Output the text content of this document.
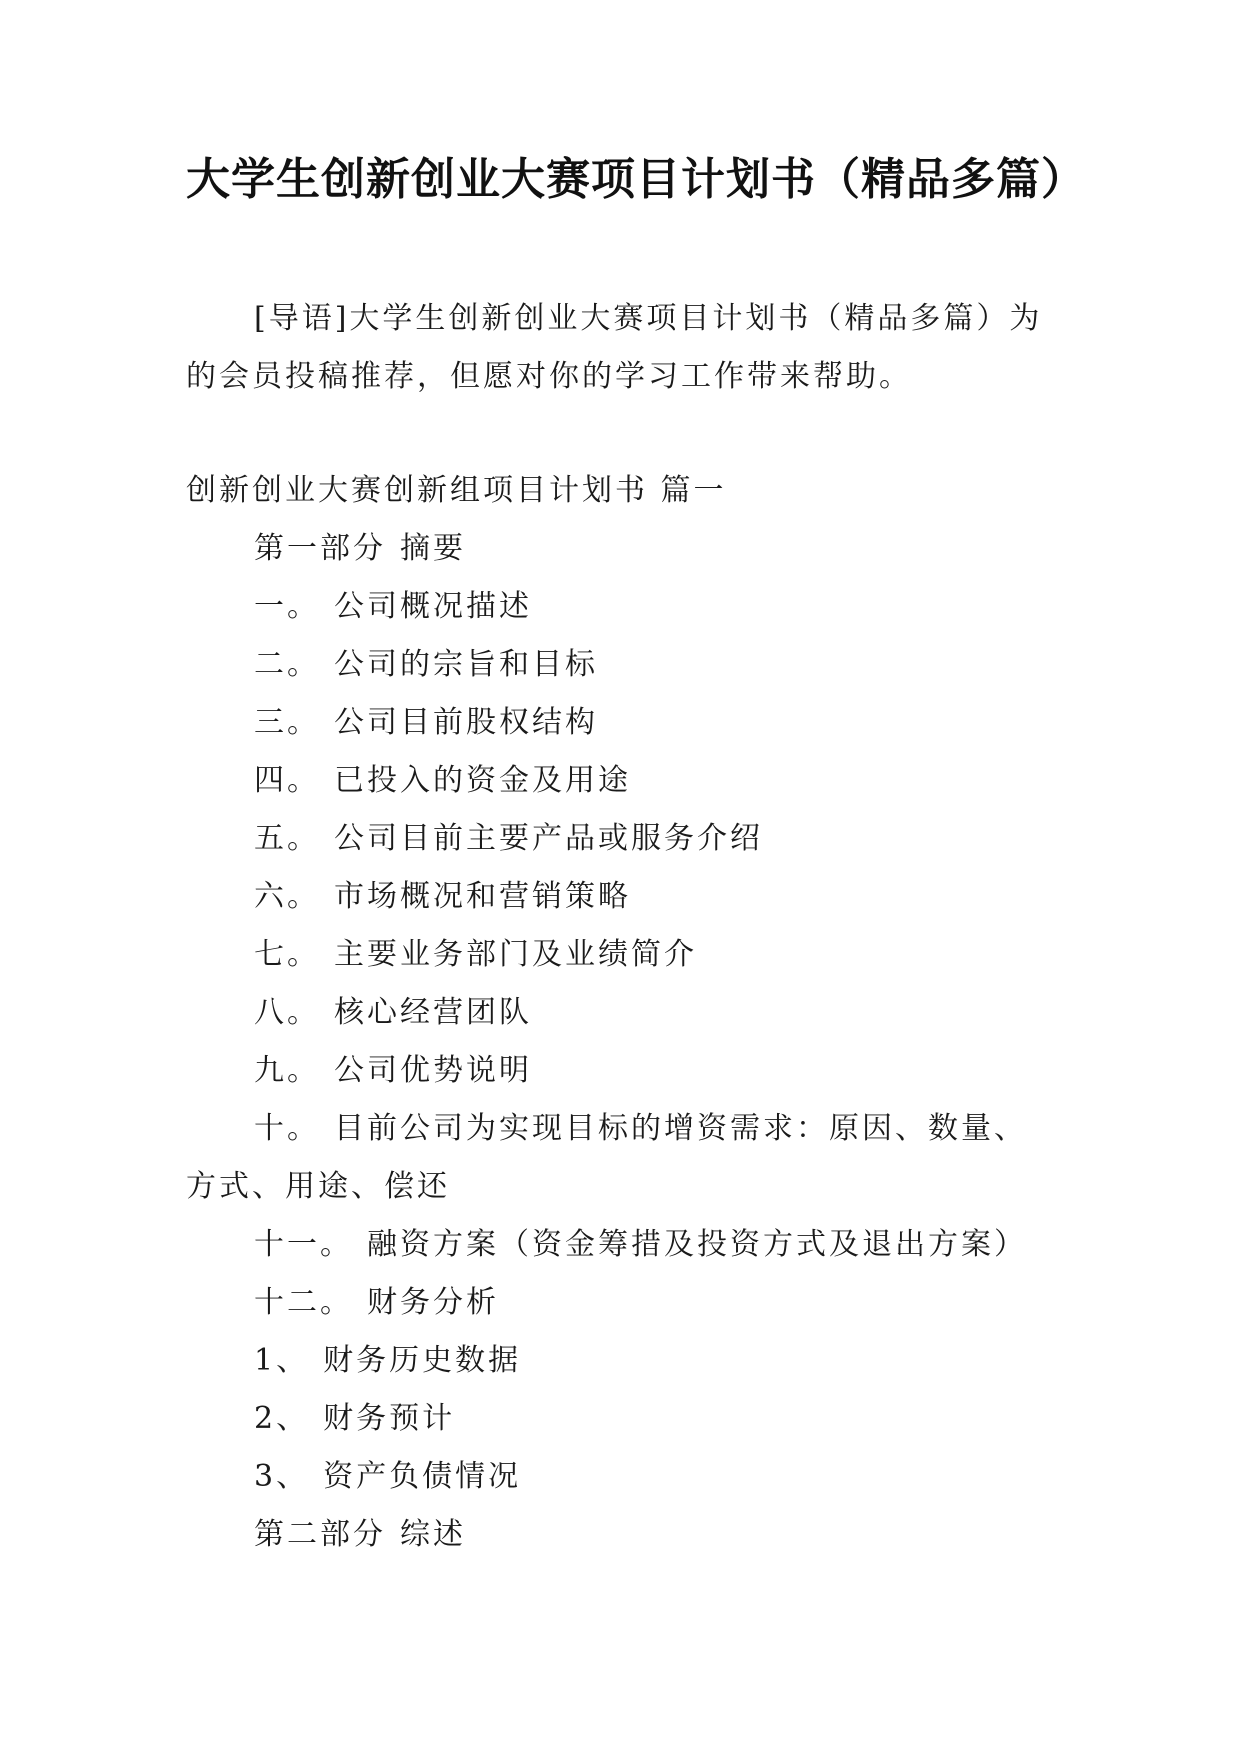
大学生创新创业大赛项目计划书（精品多篇）

[导语]大学生创新创业大赛项目计划书（精品多篇）为的会员投稿推荐，但愿对你的学习工作带来帮助。

创新创业大赛创新组项目计划书 篇一
第一部分 摘要
一。 公司概况描述
二。 公司的宗旨和目标
三。 公司目前股权结构
四。 已投入的资金及用途
五。 公司目前主要产品或服务介绍
六。 市场概况和营销策略
七。 主要业务部门及业绩简介
八。 核心经营团队
九。 公司优势说明
十。 目前公司为实现目标的增资需求：原因、数量、方式、用途、偿还
十一。 融资方案（资金筹措及投资方式及退出方案）
十二。 财务分析
1、 财务历史数据
2、 财务预计
3、 资产负债情况
第二部分 综述
